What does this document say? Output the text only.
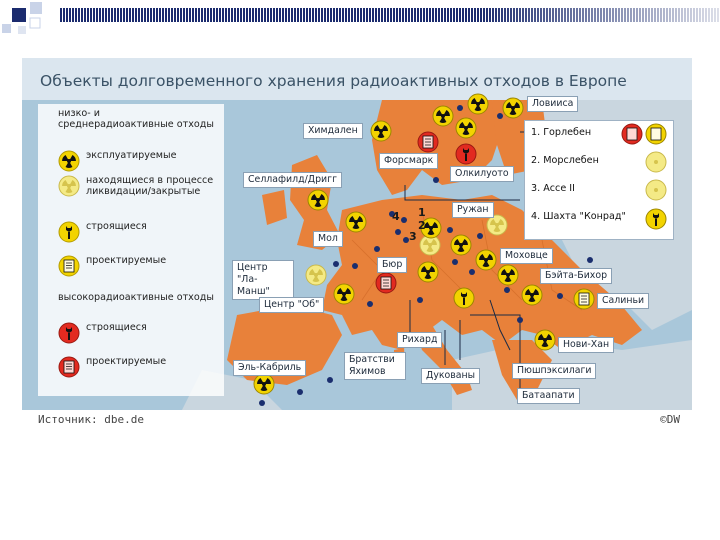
Объекты долговременного хранения радиоактивных отходов в Европе
низко- и среднерадиоактивные отходы
эксплуатируемые
находящиеся в процессе ликвидации/закрытые
строящиеся
проектируемые
высокорадиоактивные отходы
строящиеся
проектируемые
1
2
3
4
Ловииса
Химдален
Форсмарк
Олкилуото
Селлафилд/Дригг
Мол
Центр "Ла-Манш"
Центр "Об"
Бюр
Ружан
Моховце
Бэйта-Бихор
Салиньи
Нови-Хан
Рихард
Братстви Яхимов	Дукованы	Пюшпэксилаги
Батаапати
Эль-Кабриль
1. Горлебен
2. Морслебен
3. Ассе II
4. Шахта "Конрад"
Источник: dbe.de	©DW
